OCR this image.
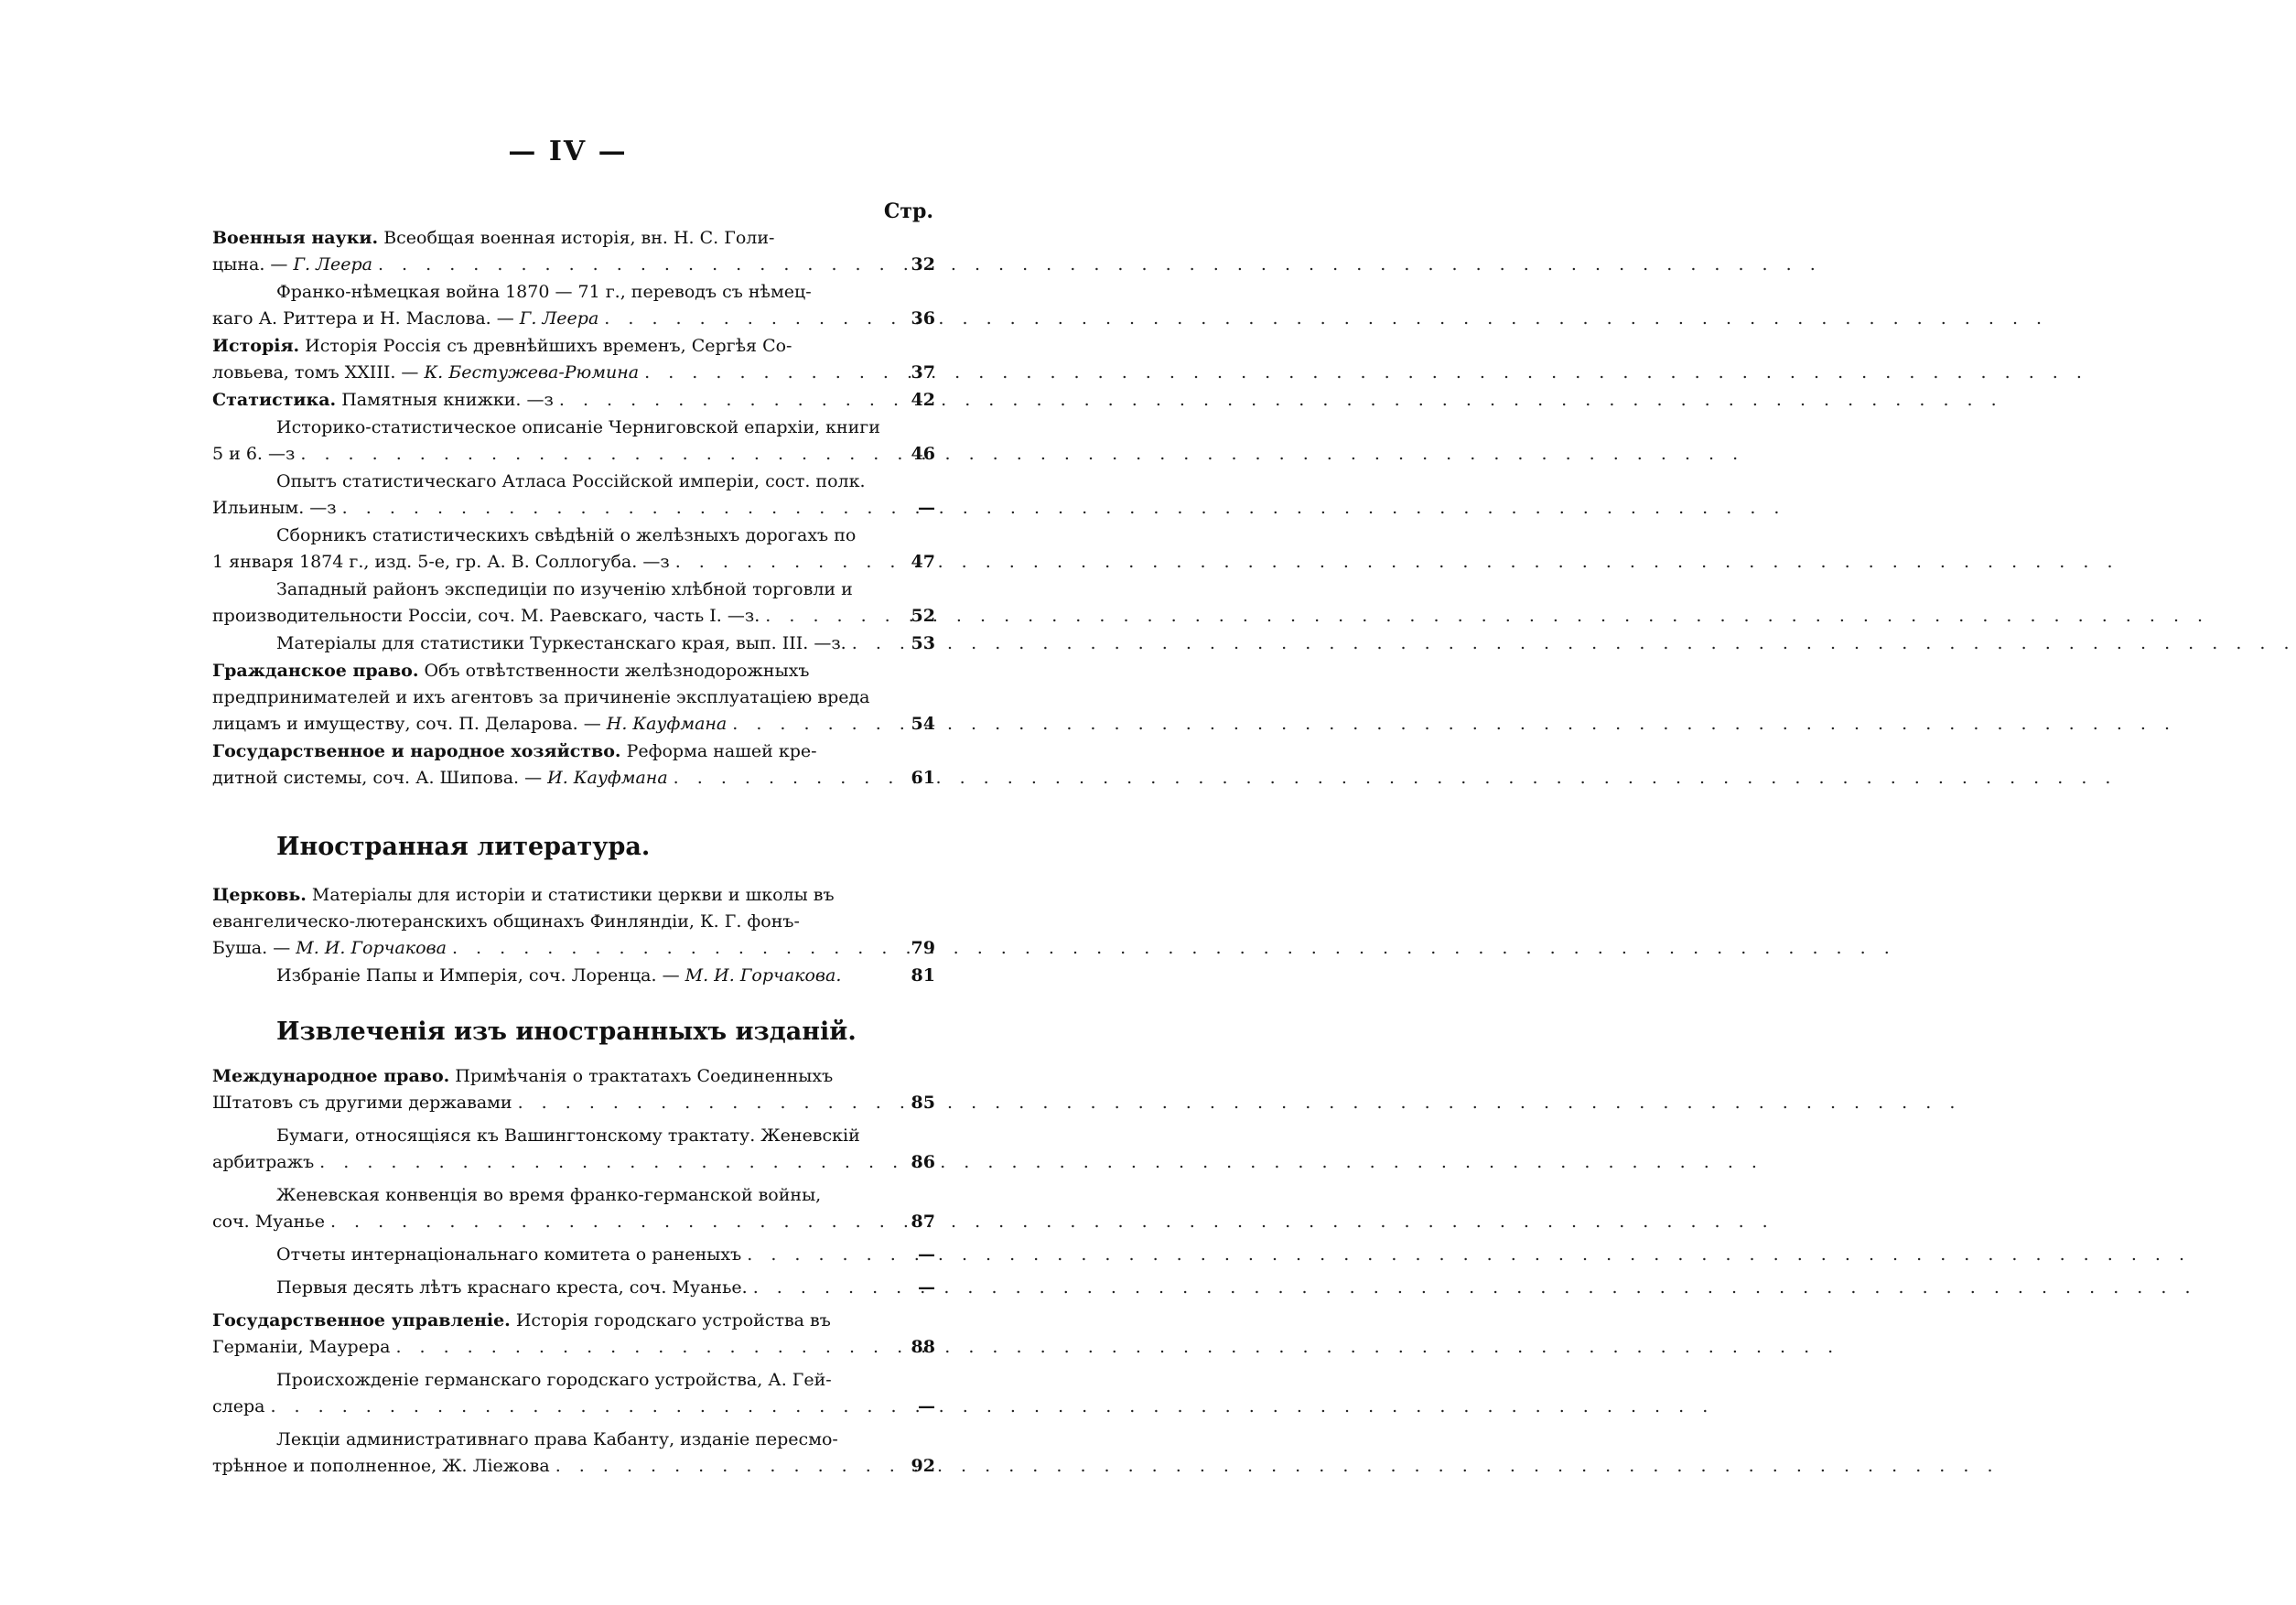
— IV —
Стр.
Военныя науки. Всеобщая военная исторія, вн. Н. С. Голи-
цына. — Г. Леера . . .	32
Франко-нѣмецкая война 1870 — 71 г., переводъ съ нѣмец-
каго А. Риттера и Н. Маслова. — Г. Леера . . .	36
Исторія. Исторія Россія съ древнѣйшихъ временъ, Сергѣя Со-
ловьева, томъ XXIII. — К. Бестужева-Рюмина . . .	37
Статистика. Памятныя книжки. —з . . .	42
Историко-статистическое описаніе Черниговской епархіи, книги
5 и 6. —з . . .	46
Опытъ статистическаго Атласа Россійской имперіи, сост. полк.
Ильиным. —з . . .	—
Сборникъ статистическихъ свѣдѣній о желѣзныхъ дорогахъ по
1 января 1874 г., изд. 5-е, гр. А. В. Соллогуба. —з . . .	47
Западный районъ экспедиціи по изученію хлѣбной торговли и
производительности Россіи, соч. М. Раевскаго, часть I. —з. . . .	52
Матеріалы для статистики Туркестанскаго края, вып. III. —з. . . .	53
Гражданское право. Объ отвѣтственности желѣзнодорожныхъ
предпринимателей и ихъ агентовъ за причиненіе эксплуатаціею вреда
лицамъ и имуществу, соч. П. Деларова. — Н. Кауфмана . . .	54
Государственное и народное хозяйство. Реформа нашей кре-
дитной системы, соч. А. Шипова. — И. Кауфмана . . .	61
Иностранная литература.
Церковь. Матеріалы для исторіи и статистики церкви и школы въ
евангелическо-лютеранскихъ общинахъ Финляндіи, К. Г. фонъ-
Буша. — М. И. Горчакова . . .	79
Избраніе Папы и Имперія, соч. Лоренца. — М. И. Горчакова.	81
Извлеченія изъ иностранныхъ изданій.
Международное право. Примѣчанія о трактатахъ Соединенныхъ
Штатовъ съ другими державами . . .	85
Бумаги, относящіяся къ Вашингтонскому трактату. Женевскій
арбитражъ . . .	86
Женевская конвенція во время франко-германской войны,
соч. Муанье . . .	87
Отчеты интернаціональнаго комитета о раненыхъ . . .	—
Первыя десять лѣтъ краснаго креста, соч. Муанье. . . .	—
Государственное управленіе. Исторія городскаго устройства въ
Германіи, Маурера . . .	88
Происхожденіе германскаго городскаго устройства, А. Гей-
слера . . .	—
Лекціи административнаго права Кабанту, изданіе пересмо-
трѣнное и пополненное, Ж. Ліежова . . .	92
